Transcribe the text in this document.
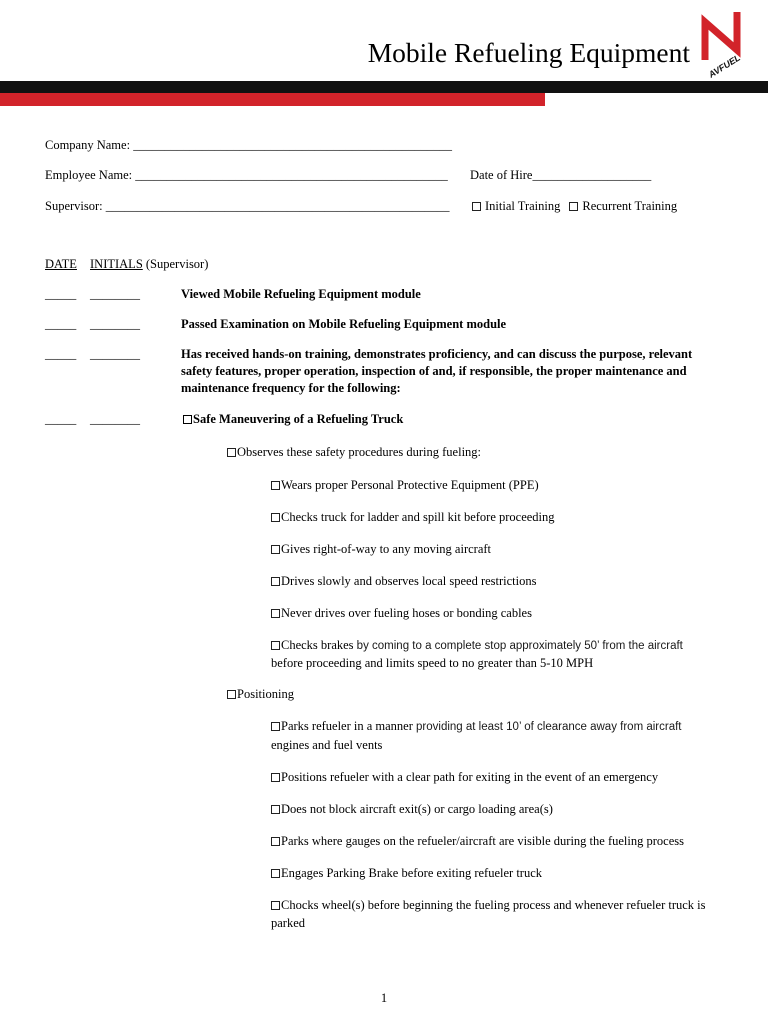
Mobile Refueling Equipment AVFUEL
Company Name: ___________________________________________________
Employee Name: __________________________________________________ Date of Hire___________________
Supervisor: _______________________________________________________	Initial Training Recurrent Training
DATE INITIALS (Supervisor)
_____ ________	Viewed Mobile Refueling Equipment module
_____ ________	Passed Examination on Mobile Refueling Equipment module
_____ ________	Has received hands-on training, demonstrates proficiency, and can discuss the purpose, relevant
safety features, proper operation, inspection of and, if responsible, the proper maintenance and
maintenance frequency for the following:
_____ ________	Safe Maneuvering of a Refueling Truck
Observes these safety procedures during fueling:
Wears proper Personal Protective Equipment (PPE)
Checks truck for ladder and spill kit before proceeding
Gives right-of-way to any moving aircraft
Drives slowly and observes local speed restrictions
Never drives over fueling hoses or bonding cables
Checks brakes by coming to a complete stop approximately 50’ from the aircraft
before proceeding and limits speed to no greater than 5-10 MPH
Positioning
Parks refueler in a manner providing at least 10’ of clearance away from aircraft
engines and fuel vents
Positions refueler with a clear path for exiting in the event of an emergency
Does not block aircraft exit(s) or cargo loading area(s)
Parks where gauges on the refueler/aircraft are visible during the fueling process
Engages Parking Brake before exiting refueler truck
Chocks wheel(s) before beginning the fueling process and whenever refueler truck is
parked
1
